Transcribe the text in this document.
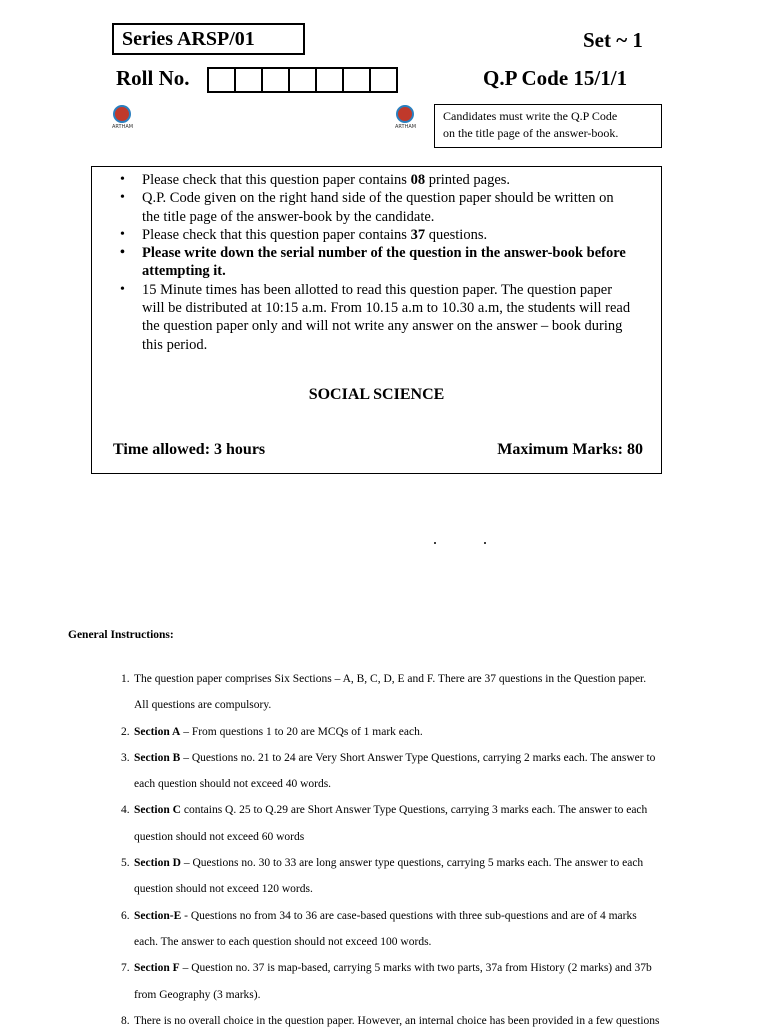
Series ARSP/01	Set ~ 1
Roll No.	Q.P Code 15/1/1
ARTHAM	ARTHAM
Candidates must write the Q.P Code
on the title page of the answer-book.
• Please check that this question paper contains 08 printed pages.
• Q.P. Code given on the right hand side of the question paper should be written on the title page of the answer-book by the candidate.
• Please check that this question paper contains 37 questions.
• Please write down the serial number of the question in the answer-book before attempting it.
• 15 Minute times has been allotted to read this question paper. The question paper will be distributed at 10:15 a.m. From 10.15 a.m to 10.30 a.m, the students will read the question paper only and will not write any answer on the answer – book during this period.
SOCIAL SCIENCE
Time allowed: 3 hours	Maximum Marks: 80
General Instructions:
1. The question paper comprises Six Sections – A, B, C, D, E and F. There are 37 questions in the Question paper.
All questions are compulsory.
2. Section A – From questions 1 to 20 are MCQs of 1 mark each.
3. Section B – Questions no. 21 to 24 are Very Short Answer Type Questions, carrying 2 marks each. The answer to
each question should not exceed 40 words.
4. Section C contains Q. 25 to Q.29 are Short Answer Type Questions, carrying 3 marks each. The answer to each
question should not exceed 60 words
5. Section D – Questions no. 30 to 33 are long answer type questions, carrying 5 marks each. The answer to each
question should not exceed 120 words.
6. Section-E - Questions no from 34 to 36 are case-based questions with three sub-questions and are of 4 marks
each. The answer to each question should not exceed 100 words.
7. Section F – Question no. 37 is map-based, carrying 5 marks with two parts, 37a from History (2 marks) and 37b
from Geography (3 marks).
8. There is no overall choice in the question paper. However, an internal choice has been provided in a few questions
